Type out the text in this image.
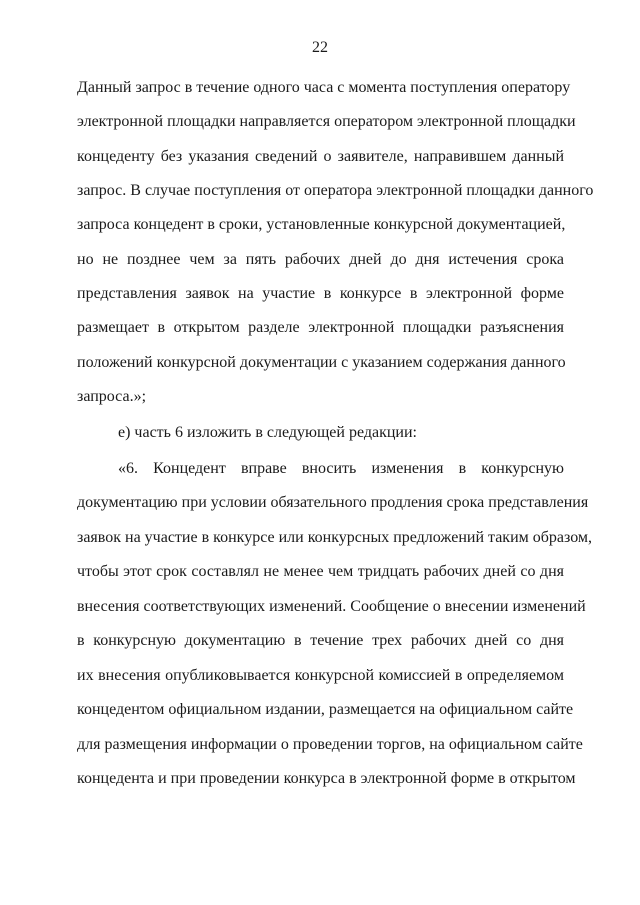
22
Данный запрос в течение одного часа с момента поступления оператору
электронной площадки направляется оператором электронной площадки
концеденту без указания сведений о заявителе, направившем данный
запрос. В случае поступления от оператора электронной площадки данного
запроса концедент в сроки, установленные конкурсной документацией,
но не позднее чем за пять рабочих дней до дня истечения срока
представления заявок на участие в конкурсе в электронной форме
размещает в открытом разделе электронной площадки разъяснения
положений конкурсной документации с указанием содержания данного
запроса.»;
е) часть 6 изложить в следующей редакции:
«6. Концедент вправе вносить изменения в конкурсную
документацию при условии обязательного продления срока представления
заявок на участие в конкурсе или конкурсных предложений таким образом,
чтобы этот срок составлял не менее чем тридцать рабочих дней со дня
внесения соответствующих изменений. Сообщение о внесении изменений
в конкурсную документацию в течение трех рабочих дней со дня
их внесения опубликовывается конкурсной комиссией в определяемом
концедентом официальном издании, размещается на официальном сайте
для размещения информации о проведении торгов, на официальном сайте
концедента и при проведении конкурса в электронной форме в открытом
